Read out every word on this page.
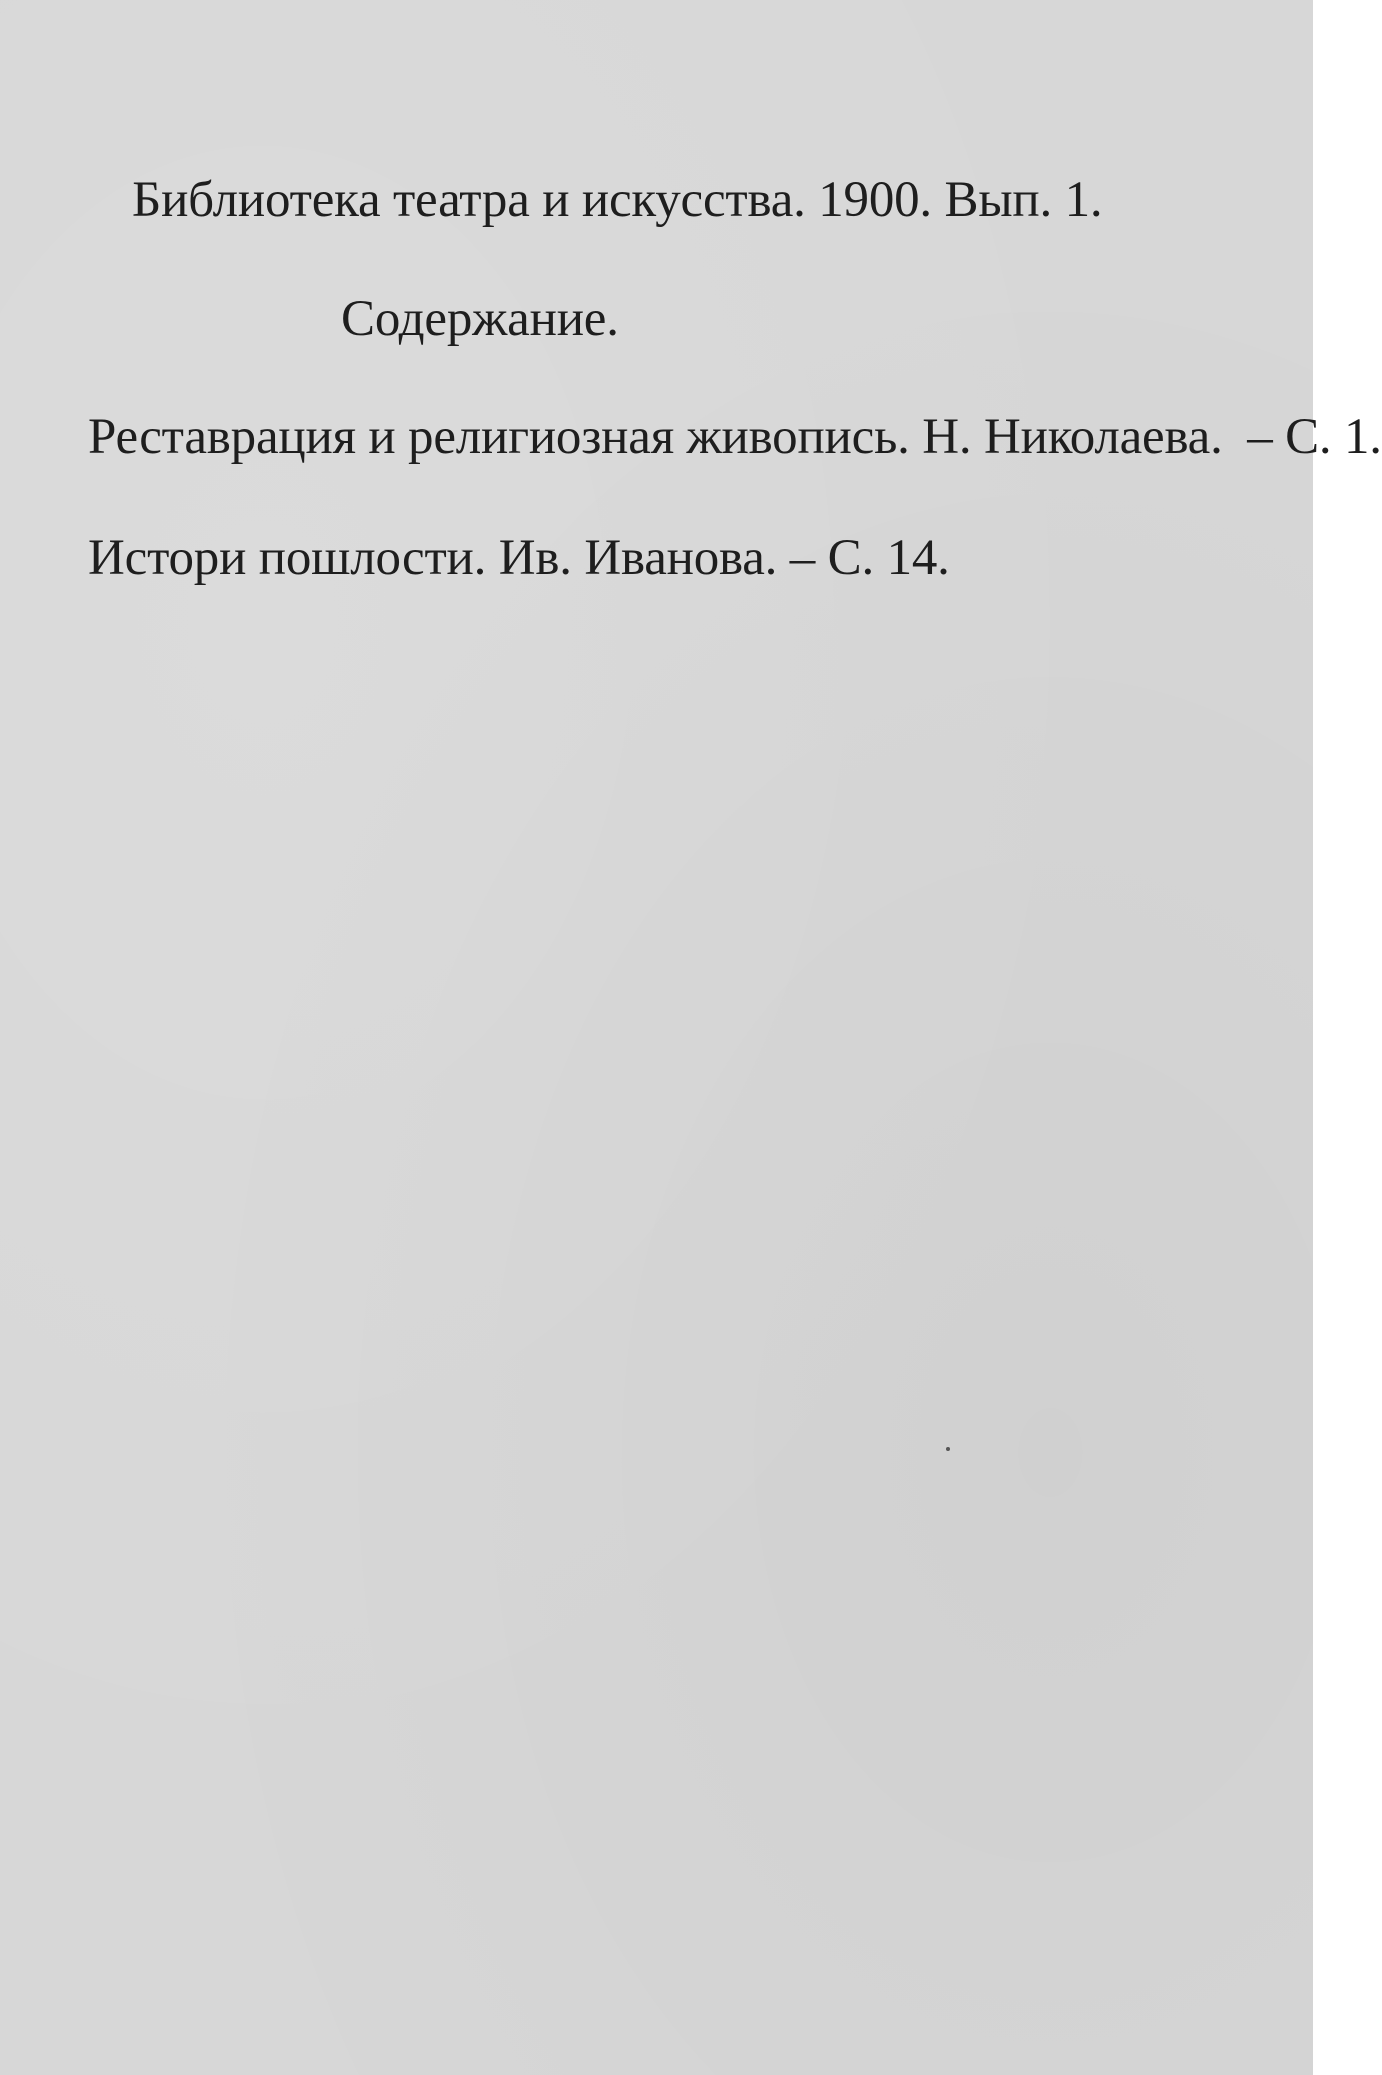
Библиотека театра и искусства. 1900. Вып. 1.
Содержание.
Реставрация и религиозная живопись. Н. Николаева. – С. 1.
Истори пошлости. Ив. Иванова. – С. 14.
